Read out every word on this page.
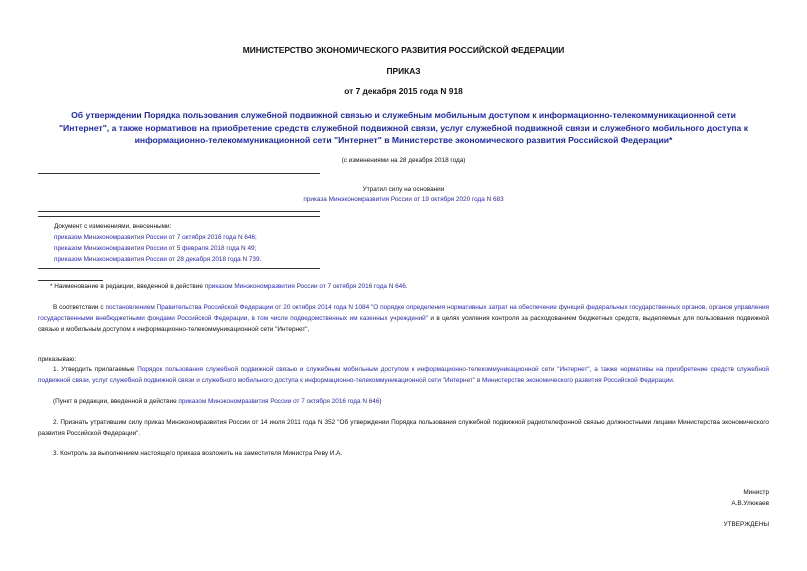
МИНИСТЕРСТВО ЭКОНОМИЧЕСКОГО РАЗВИТИЯ РОССИЙСКОЙ ФЕДЕРАЦИИ
ПРИКАЗ
от 7 декабря 2015 года N 918
Об утверждении Порядка пользования служебной подвижной связью и служебным мобильным доступом к информационно-телекоммуникационной сети
"Интернет", а также нормативов на приобретение средств служебной подвижной связи, услуг служебной подвижной связи и служебного мобильного доступа к
информационно-телекоммуникационной сети "Интернет" в Министерстве экономического развития Российской Федерации*
(с изменениями на 28 декабря 2018 года)
Утратил силу на основании
приказа Минэкономразвития России от 19 октября 2020 года N 683
Документ с изменениями, внесенными:
приказом Минэкономразвития России от 7 октября 2016 года N 646;
приказом Минэкономразвития России от 5 февраля 2018 года N 49;
приказом Минэкономразвития России от 28 декабря 2018 года N 739.
* Наименование в редакции, введенной в действие приказом Минэкономразвития России от 7 октября 2016 года N 646.
В соответствии с постановлением Правительства Российской Федерации от 20 октября 2014 года N 1084 "О порядке определения нормативных затрат на обеспечение функций федеральных государственных органов, органов управления государственными внебюджетными фондами Российской Федерации, в том числе подведомственных им казенных учреждений" и в целях усиления контроля за расходованием бюджетных средств, выделяемых для пользования подвижной связью и мобильным доступом к информационно-телекоммуникационной сети "Интернет",
приказываю:
1. Утвердить прилагаемые Порядок пользования служебной подвижной связью и служебным мобильным доступом к информационно-телекоммуникационной сети "Интернет", а также нормативы на приобретение средств служебной подвижной связи, услуг служебной подвижной связи и служебного мобильного доступа к информационно-телекоммуникационной сети "Интернет" в Министерстве экономического развития Российской Федерации.
(Пункт в редакции, введенной в действие приказом Минэкономразвития России от 7 октября 2016 года N 646)
2. Признать утратившим силу приказ Минэкономразвития России от 14 июля 2011 года N 352 "Об утверждении Порядка пользования служебной подвижной радиотелефонной связью должностными лицами Министерства экономического развития Российской Федерации".
3. Контроль за выполнением настоящего приказа возложить на заместителя Министра Реву И.А.
Министр
А.В.Улюкаев
УТВЕРЖДЕНЫ
